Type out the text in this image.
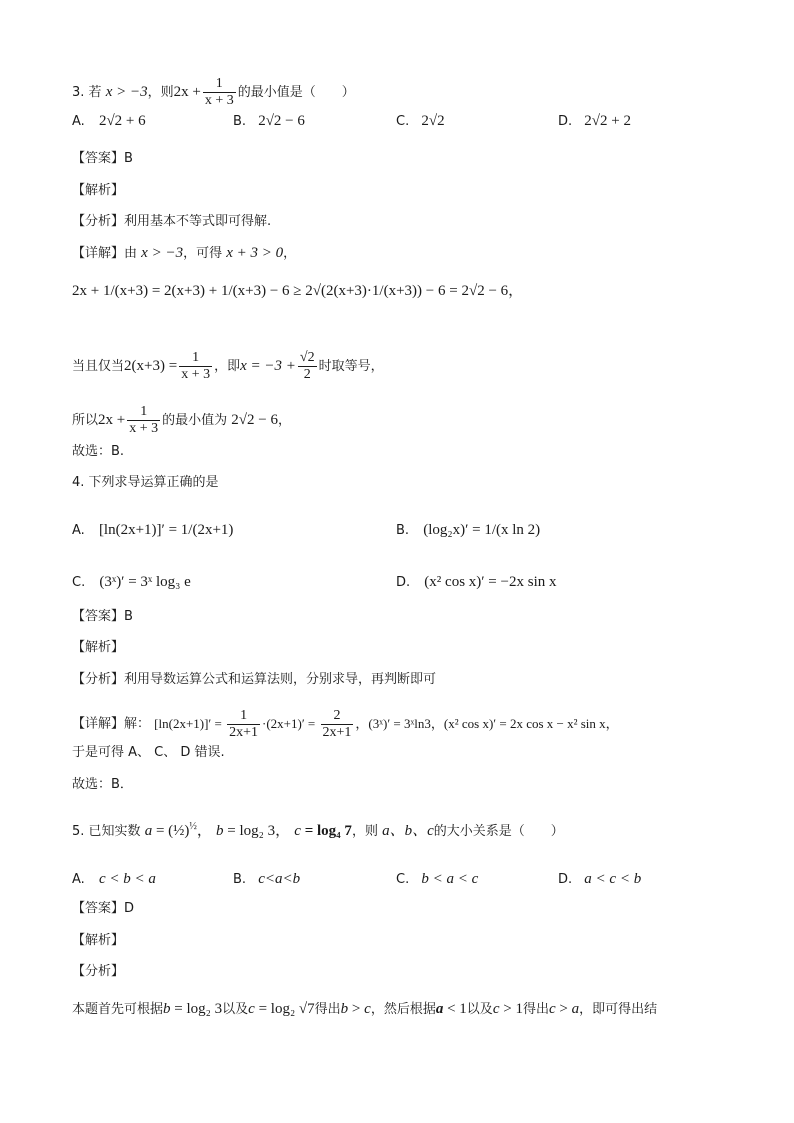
3. 若 x > −3，则$2x + \frac{1}{x + 3}$ 的最小值是（　　）
A. 2√2 + 6	B. 2√2 − 6	C. 2√2	D. 2√2 + 2
【答案】B
【解析】
【分析】利用基本不等式即可得解.
【详解】由 x > −3，可得 x + 3 > 0，
2x + 1/(x+3) = 2(x+3) + 1/(x+3) − 6 ≥ 2√(2(x+3)·1/(x+3)) − 6 = 2√2 − 6，
当且仅当$2(x+3) = \frac{1}{x + 3}$ ，即$x = -3 + \frac{√2}{2}$ 时取等号，
所以$2x + \frac{1}{x + 3}$ 的最小值为 2√2 − 6，
故选：B.
4. 下列求导运算正确的是
A. [ln(2x+1)]′ = 1/(2x+1)	B. (log₂x)′ = 1/(x ln 2)
C. (3ˣ)′ = 3ˣ log₃ e	D. (x² cos x)′ = −2x sin x
【答案】B
【解析】
【分析】利用导数运算公式和运算法则，分别求导，再判断即可
【详解】解： $[\ln(2x+1)]' = \frac{1}{2x+1} \cdot(2x+1)' = \frac{2}{2x+1}$ ，(3ˣ)′ = 3ˣln3，(x² cos x)′ = 2x cos x − x² sin x，
于是可得 A、 C、 D 错误.
故选：B．
5. 已知实数 a = (½)$^{\frac{1}{2}}$， b = log₂ 3， c = log₄ 7，则 a、b、c的大小关系是（　　）
A. c < b < a	B. c<a<b	C. b < a < c	D. a < c < b
【答案】D
【解析】
【分析】
本题首先可根据b = log₂ 3以及c = log₂ √7得出b > c，然后根据a < 1以及c > 1得出c > a，即可得出结
